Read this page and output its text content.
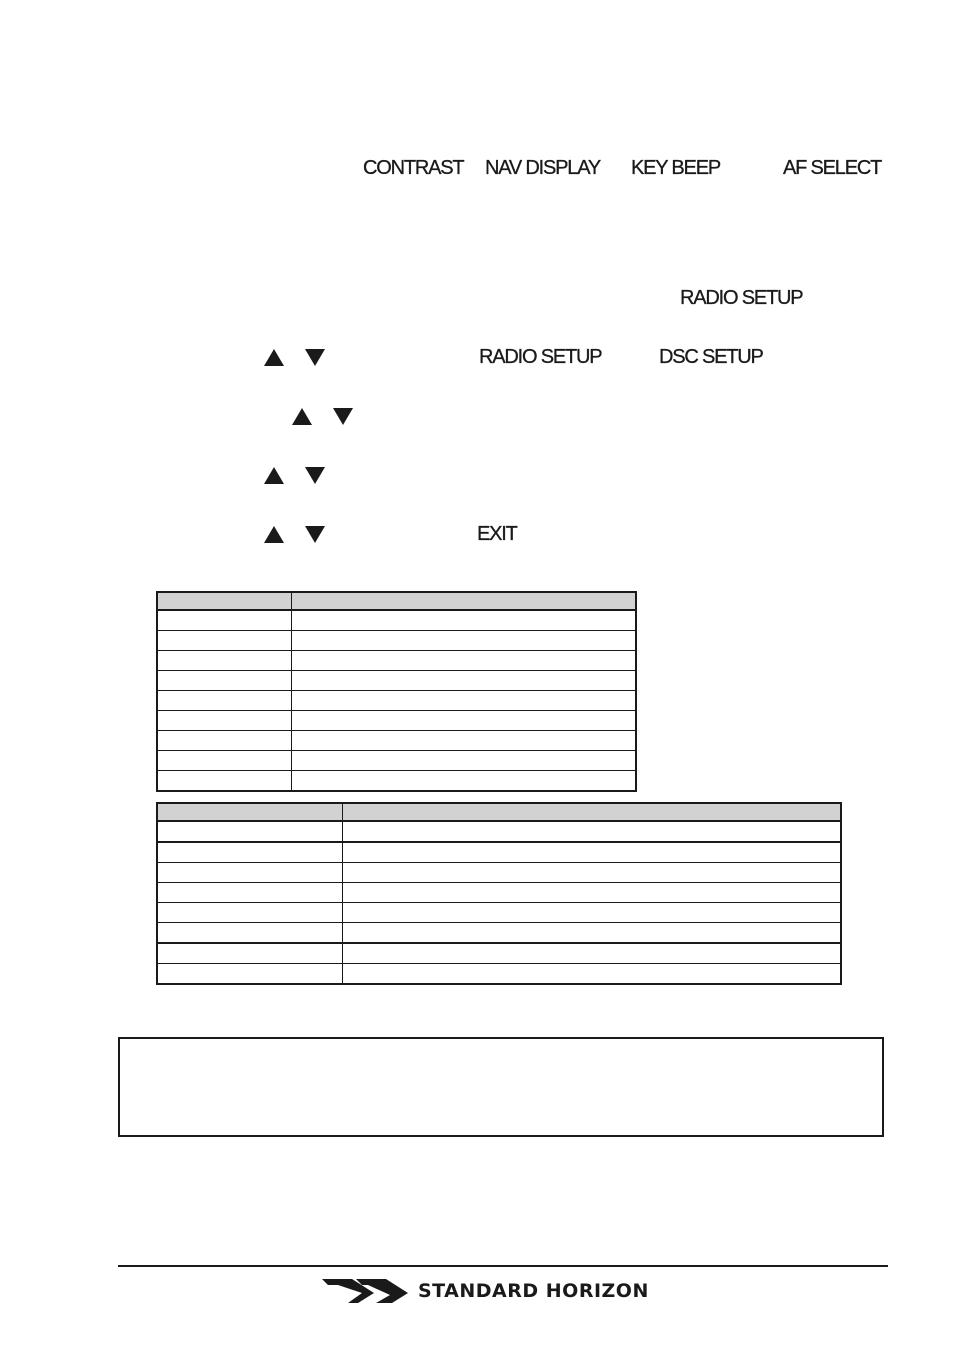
CONTRAST NAV DISPLAY KEY BEEP	AF SELECT
RADIO SETUP
RADIO SETUP	DSC SETUP
EXIT

STANDARD HORIZON
